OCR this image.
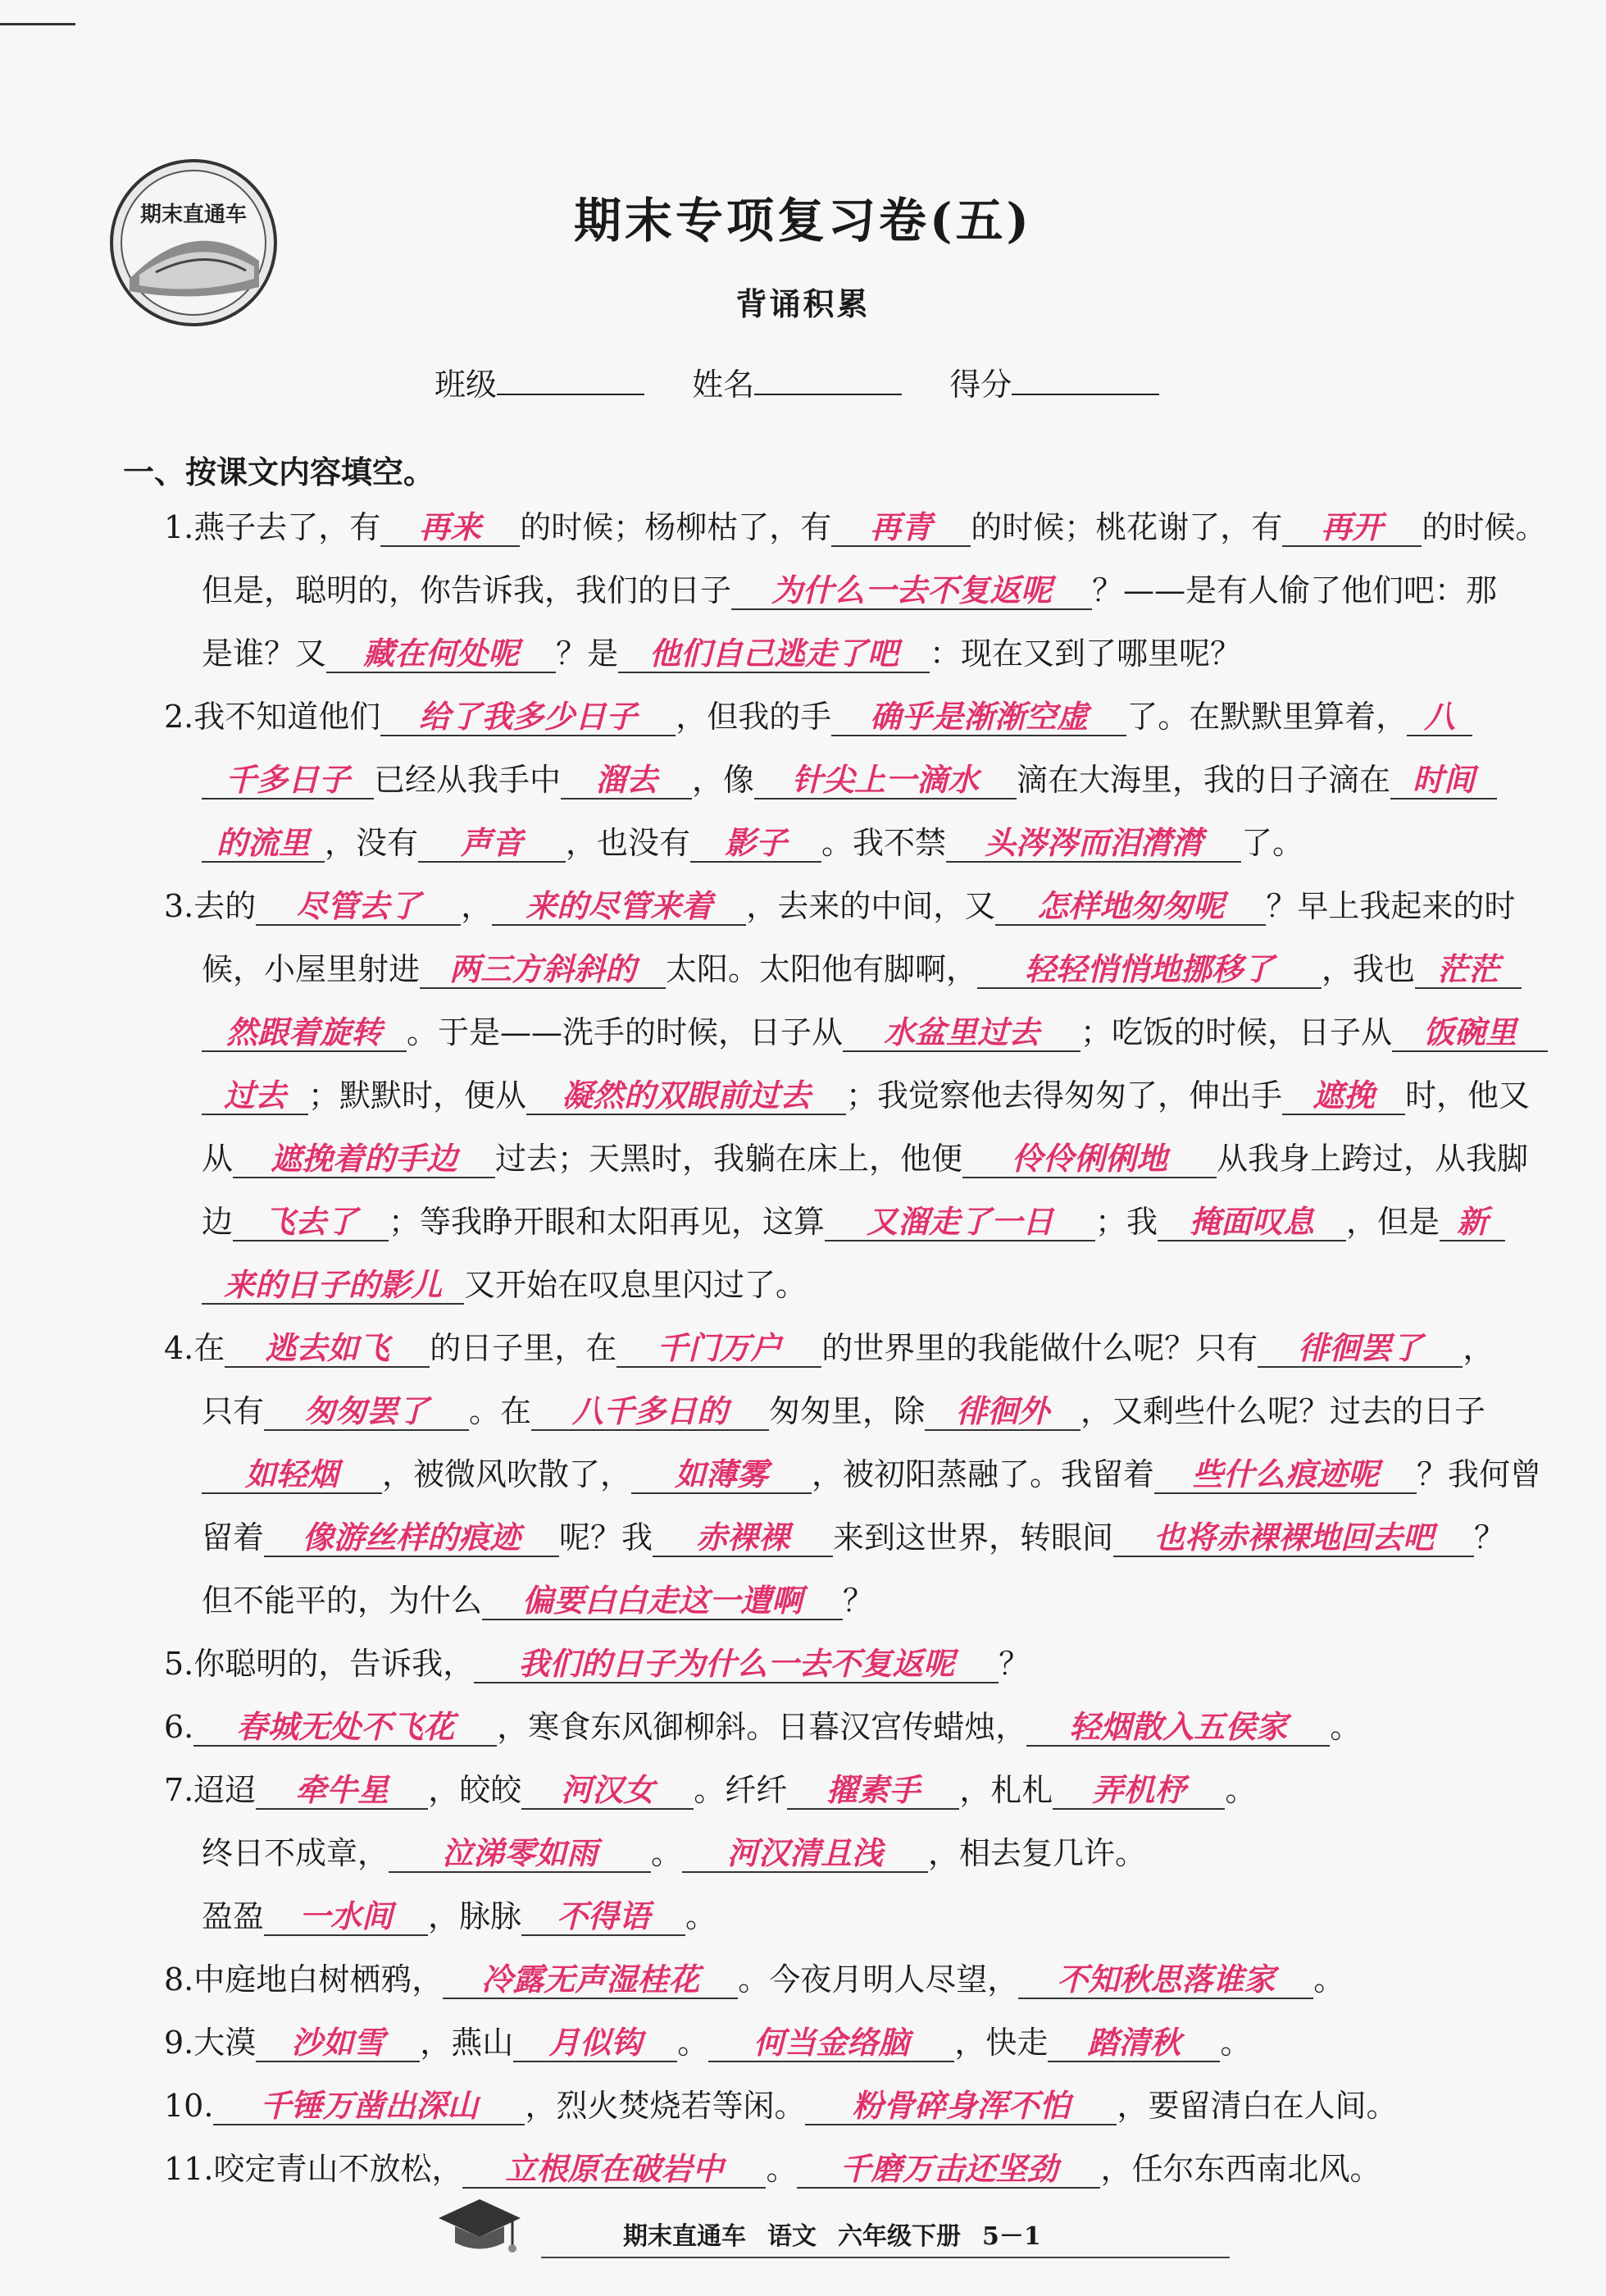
期末直通车	期末专项复习卷(五)
背诵积累
班级	姓名	得分
一、按课文内容填空。
1.燕子去了，有 再来 的时候；杨柳枯了，有 再青 的时候；桃花谢了，有 再开 的时候。
但是，聪明的，你告诉我，我们的日子 为什么一去不复返呢 ？——是有人偷了他们吧：那
是谁？又 藏在何处呢 ？是 他们自己逃走了吧 ：现在又到了哪里呢？
2.我不知道他们 给了我多少日子 ，但我的手 确乎是渐渐空虚 了。在默默里算着， 八
千多日子 已经从我手中 溜去 ，像 针尖上一滴水 滴在大海里，我的日子滴在 时间
的流里 ，没有 声音 ，也没有 影子 。我不禁 头涔涔而泪潸潸 了。
3.去的 尽管去了 ， 来的尽管来着 ，去来的中间，又 怎样地匆匆呢 ？早上我起来的时
候，小屋里射进 两三方斜斜的 太阳。太阳他有脚啊， 轻轻悄悄地挪移了 ，我也 茫茫
然跟着旋转 。于是——洗手的时候，日子从 水盆里过去 ；吃饭的时候，日子从 饭碗里
过去 ；默默时，便从 凝然的双眼前过去 ；我觉察他去得匆匆了，伸出手 遮挽 时，他又
从 遮挽着的手边 过去；天黑时，我躺在床上，他便 伶伶俐俐地 从我身上跨过，从我脚
边 飞去了 ；等我睁开眼和太阳再见，这算 又溜走了一日 ；我 掩面叹息 ，但是 新
来的日子的影儿 又开始在叹息里闪过了。
4.在 逃去如飞 的日子里，在 千门万户 的世界里的我能做什么呢？只有 徘徊罢了 ，
只有 匆匆罢了 。在 八千多日的 匆匆里，除 徘徊外 ，又剩些什么呢？过去的日子
如轻烟 ，被微风吹散了， 如薄雾 ，被初阳蒸融了。我留着 些什么痕迹呢 ？我何曾
留着 像游丝样的痕迹 呢？我 赤裸裸 来到这世界，转眼间 也将赤裸裸地回去吧 ？
但不能平的，为什么 偏要白白走这一遭啊 ？
5.你聪明的，告诉我， 我们的日子为什么一去不复返呢 ？
6. 春城无处不飞花 ，寒食东风御柳斜。日暮汉宫传蜡烛， 轻烟散入五侯家 。
7.迢迢 牵牛星 ，皎皎 河汉女 。纤纤 擢素手 ，札札 弄机杼 。
终日不成章， 泣涕零如雨 。 河汉清且浅 ，相去复几许。
盈盈 一水间 ，脉脉 不得语 。
8.中庭地白树栖鸦， 冷露无声湿桂花 。今夜月明人尽望， 不知秋思落谁家 。
9.大漠 沙如雪 ，燕山 月似钩 。 何当金络脑 ，快走 踏清秋 。
10. 千锤万凿出深山 ，烈火焚烧若等闲。 粉骨碎身浑不怕 ，要留清白在人间。
11.咬定青山不放松， 立根原在破岩中 。 千磨万击还坚劲 ，任尔东西南北风。
期末直通车 语文 六年级下册 5－1
